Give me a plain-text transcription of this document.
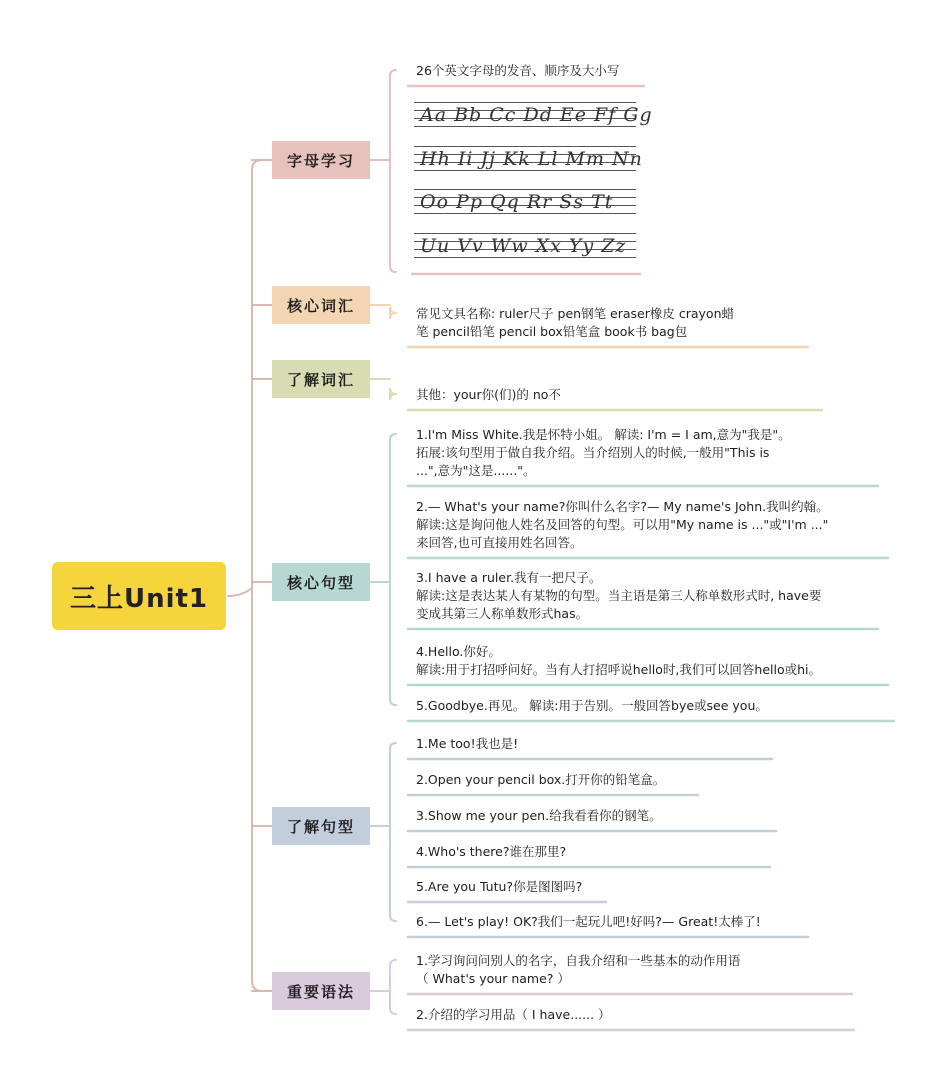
三上Unit1
字母学习
核心词汇
了解词汇
核心句型
了解句型
重要语法
26个英文字母的发音、顺序及大小写
Aa Bb Cc Dd Ee Ff Gg
Hh Ii Jj Kk Ll Mm Nn
Oo Pp Qq Rr Ss Tt
Uu Vv Ww Xx Yy Zz
常见文具名称: ruler尺子 pen钢笔 eraser橡皮 crayon蜡
笔 pencil铅笔 pencil box铅笔盒 book书 bag包
其他：your你(们)的 no不
1.I'm Miss White.我是怀特小姐。 解读: I'm = I am,意为"我是"。
拓展:该句型用于做自我介绍。当介绍别人的时候,一般用"This is
...",意为"这是......"。
2.— What's your name?你叫什么名字?— My name's John.我叫约翰。
解读:这是询问他人姓名及回答的句型。可以用"My name is ..."或"I'm ..."
来回答,也可直接用姓名回答。
3.I have a ruler.我有一把尺子。
解读:这是表达某人有某物的句型。当主语是第三人称单数形式时, have要
变成其第三人称单数形式has。
4.Hello.你好。
解读:用于打招呼问好。当有人打招呼说hello时,我们可以回答hello或hi。
5.Goodbye.再见。 解读:用于告别。一般回答bye或see you。
1.Me too!我也是!
2.Open your pencil box.打开你的铅笔盒。
3.Show me your pen.给我看看你的钢笔。
4.Who's there?谁在那里?
5.Are you Tutu?你是图图吗?
6.— Let's play! OK?我们一起玩儿吧!好吗?— Great!太棒了!
1.学习询问问别人的名字，自我介绍和一些基本的动作用语
（ What's your name? ）
2.介绍的学习用品（ I have...... ）
